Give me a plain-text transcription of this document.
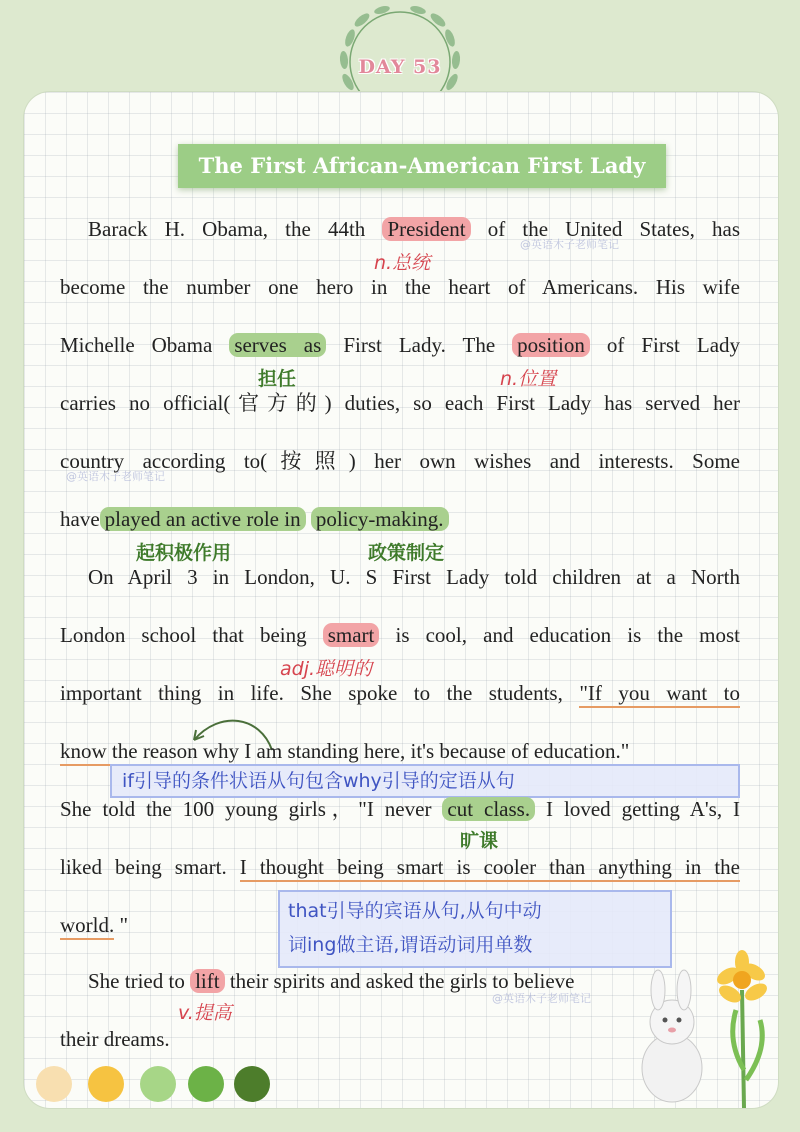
DAY 53
The First African-American First Lady
@英语木子老师笔记
@英语木子老师笔记
@英语木子老师笔记
Barack H. Obama, the 44th President of the United States, has
n.总统
become the number one hero in the heart of Americans. His wife
Michelle Obama serves as First Lady. The position of First Lady
担任	n.位置
carries no official(官方的) duties, so each First Lady has served her
country according to(按照) her own wishes and interests. Some
have played an active role in policy-making.
起积极作用	政策制定
On April 3 in London, U. S First Lady told children at a North
London school that being smart is cool, and education is the most
adj.聪明的
important thing in life. She spoke to the students, "If you want to
know the reason why I am standing here, it's because of education."
if引导的条件状语从句包含why引导的定语从句
She told the 100 young girls，"I never cut class. I loved getting A's, I
旷课
liked being smart. I thought being smart is cooler than anything in the
world. "
that引导的宾语从句,从句中动
词ing做主语,谓语动词用单数
She tried to lift their spirits and asked the girls to believe
v.提高
their dreams.
